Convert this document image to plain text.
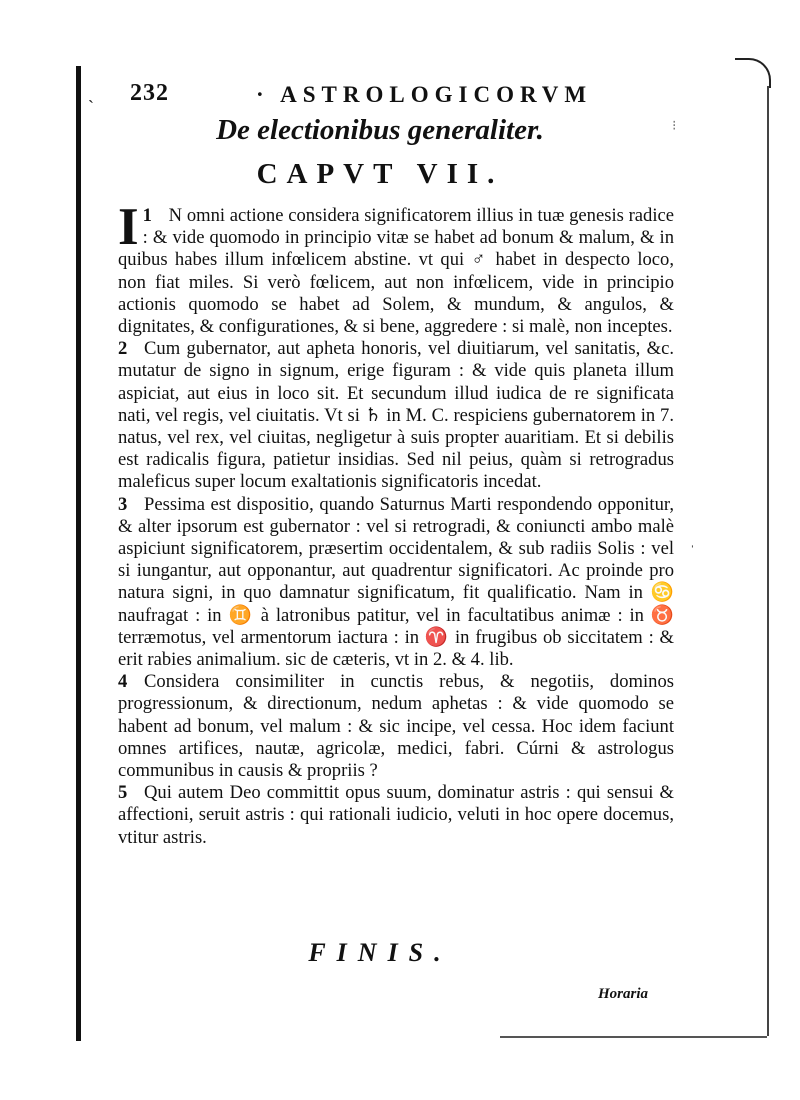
ˎ
⁝
ˈ
232	· ASTROLOGICORVM
De electionibus generaliter.
CAPVT VII.

1
I N omni actione considera significatorem illius in tuæ genesis radice : & vide quomodo in principio vitæ se habet ad bonum & malum, & in quibus habes illum infœlicem abstine. vt qui ♂ habet in despecto loco, non fiat miles. Si verò fœlicem, aut non infœlicem, vide in principio actionis quomodo se habet ad Solem, & mundum, & angulos, & dignitates, & configurationes, & si bene, aggredere : si malè, non inceptes.

2 Cum gubernator, aut apheta honoris, vel diuitiarum, vel sanitatis, &c. mutatur de signo in signum, erige figuram : & vide quis planeta illum aspiciat, aut eius in loco sit. Et secundum illud iudica de re significata nati, vel regis, vel ciuitatis. Vt si ♄ in M. C. respiciens gubernatorem in 7. natus, vel rex, vel ciuitas, negligetur à suis propter auaritiam. Et si debilis est radicalis figura, patietur insidias. Sed nil peius, quàm si retrogradus maleficus super locum exaltationis significatoris incedat.

3 Pessima est dispositio, quando Saturnus Marti respondendo opponitur, & alter ipsorum est gubernator : vel si retrogradi, & coniuncti ambo malè aspiciunt significatorem, præsertim occidentalem, & sub radiis Solis : vel si iungantur, aut opponantur, aut quadrentur significatori. Ac proinde pro natura signi, in quo damnatur significatum, fit qualificatio. Nam in ♋ naufragat : in ♊ à latronibus patitur, vel in facultatibus animæ : in ♉ terræmotus, vel armentorum iactura : in ♈ in frugibus ob siccitatem : & erit rabies animalium. sic de cæteris, vt in 2. & 4. lib.

4 Considera consimiliter in cunctis rebus, & negotiis, dominos progressionum, & directionum, nedum aphetas : & vide quomodo se habent ad bonum, vel malum : & sic incipe, vel cessa. Hoc idem faciunt omnes artifices, nautæ, agricolæ, medici, fabri. Cúrni & astrologus communibus in causis & propriis ?

5 Qui autem Deo committit opus suum, dominatur astris : qui sensui & affectioni, seruit astris : qui rationali iudicio, veluti in hoc opere docemus, vtitur astris.

FINIS.
Horaria
